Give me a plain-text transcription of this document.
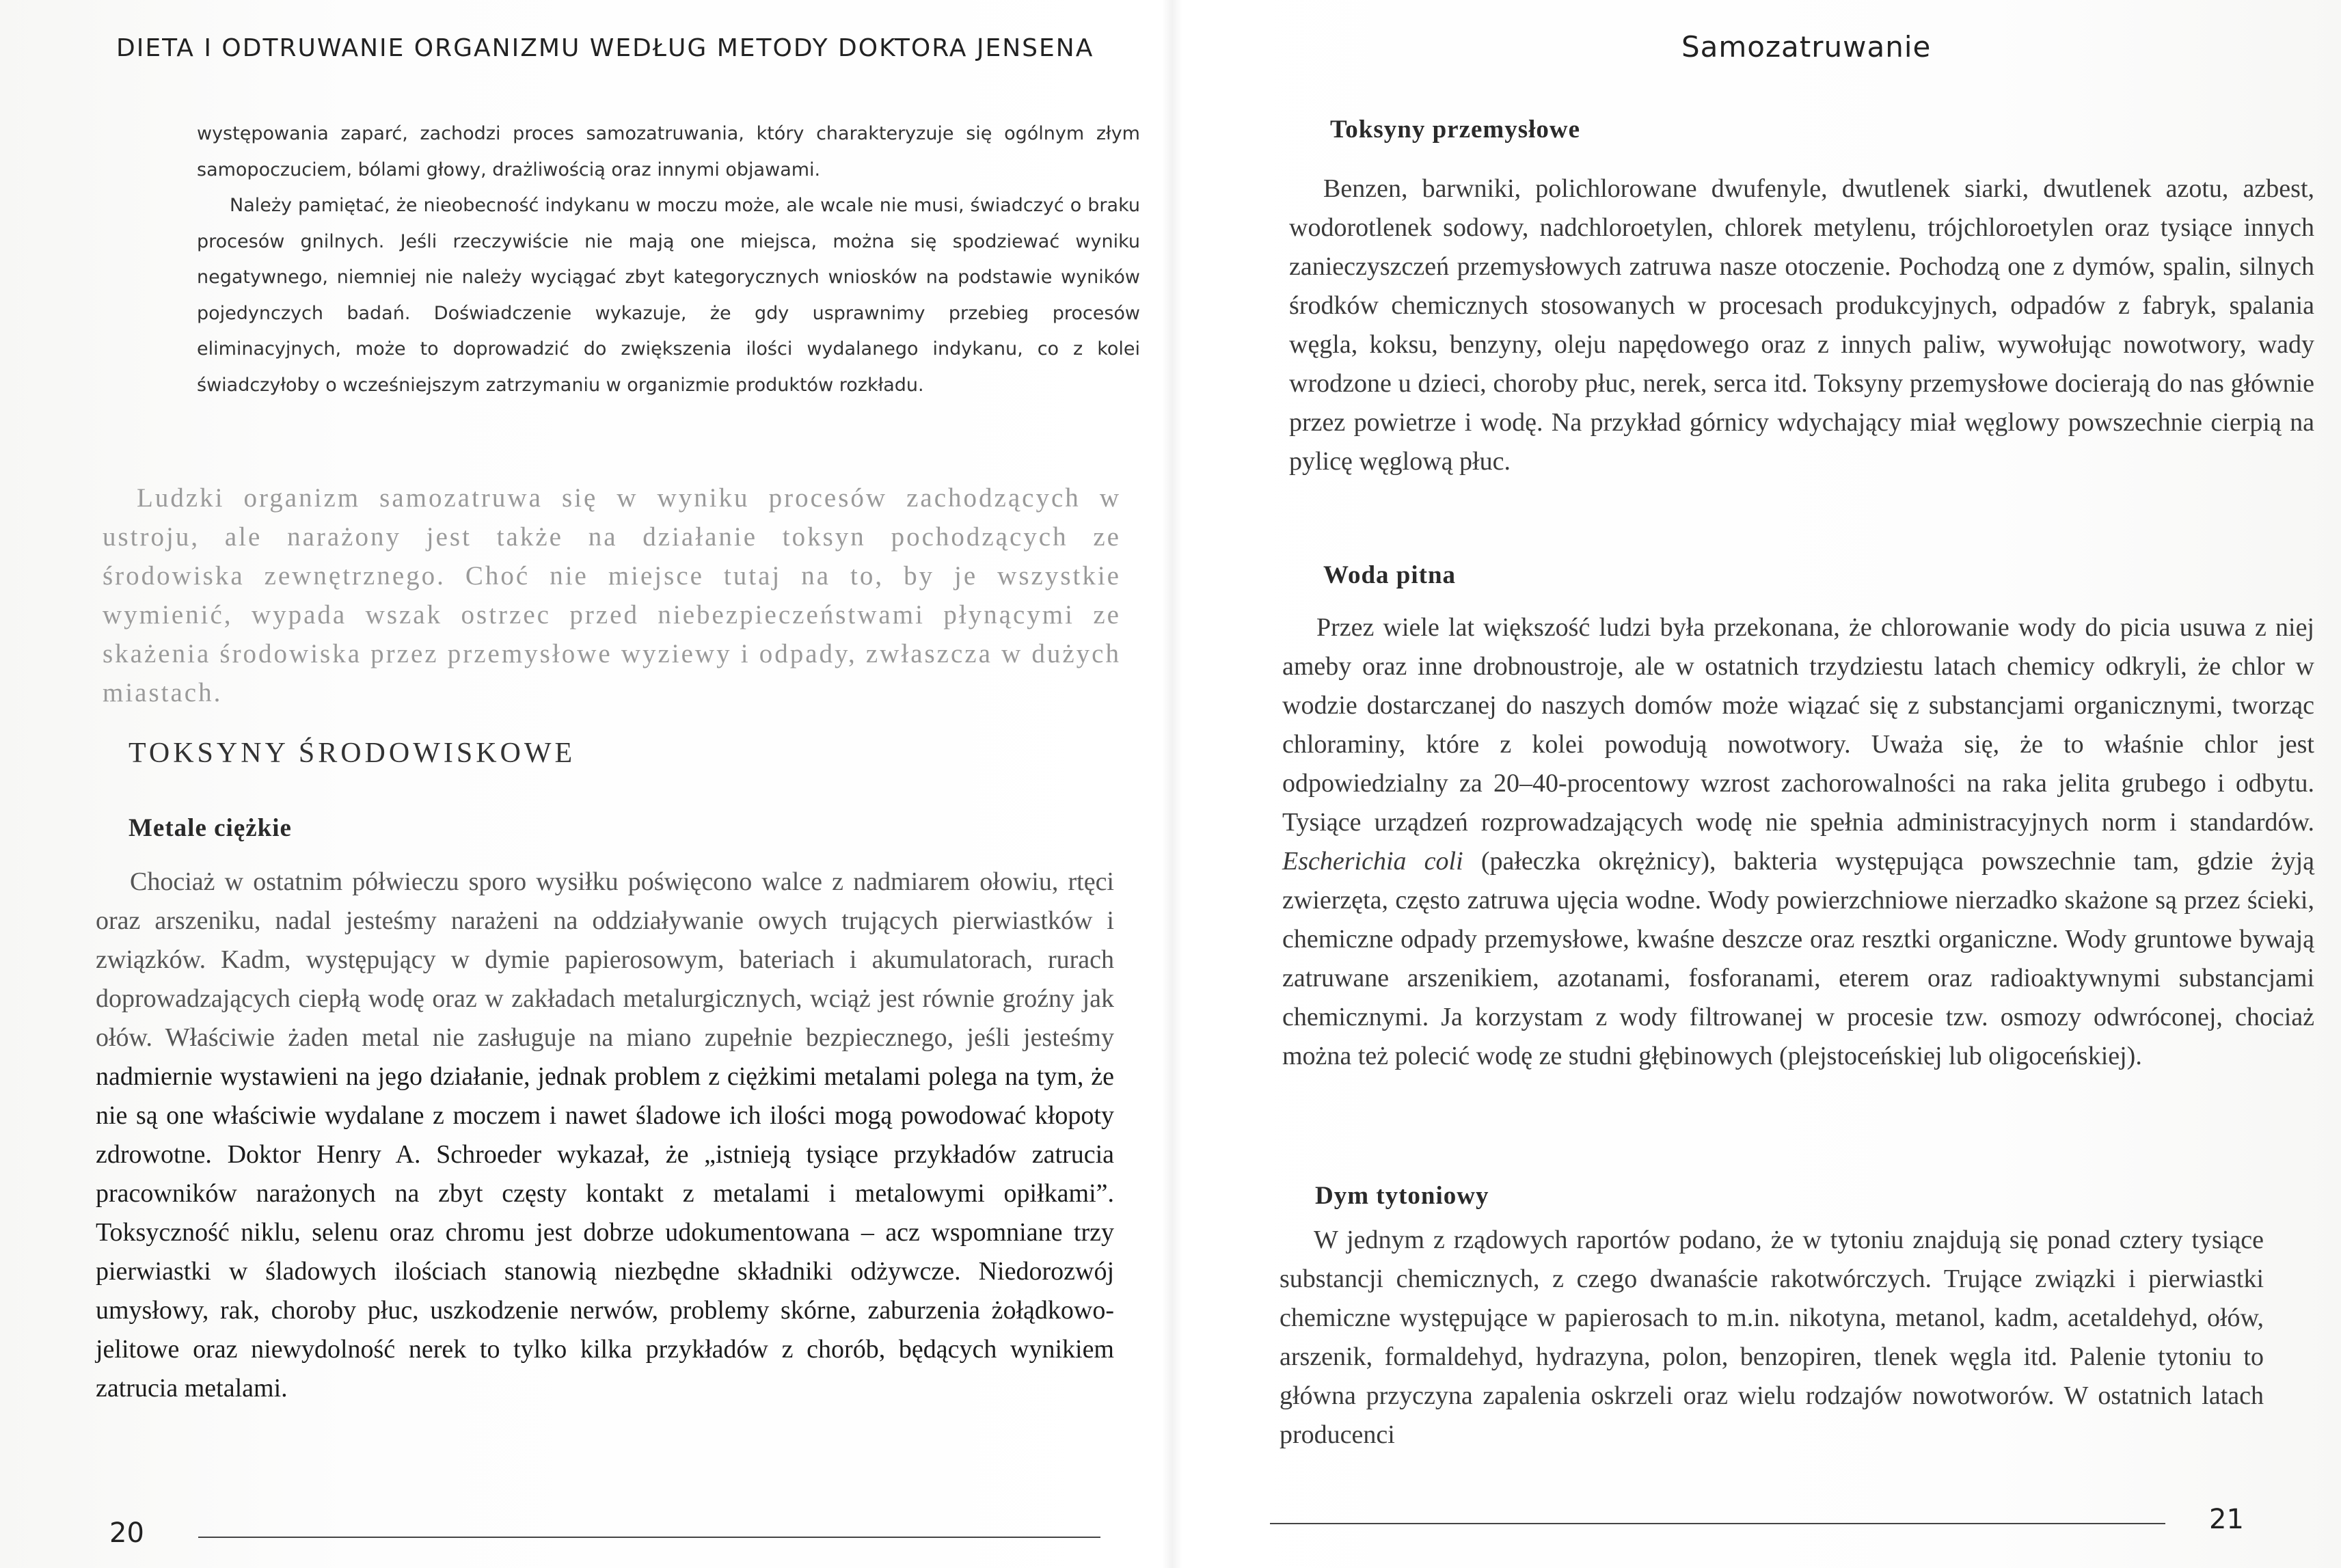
DIETA I ODTRUWANIE ORGANIZMU WEDŁUG METODY DOKTORA JENSENA

występowania zaparć, zachodzi proces samozatruwania, który charakteryzuje się ogólnym złym samopoczuciem, bólami głowy, drażliwością oraz innymi objawami.

Należy pamiętać, że nieobecność indykanu w moczu może, ale wcale nie musi, świadczyć o braku procesów gnilnych. Jeśli rzeczywiście nie mają one miejsca, można się spodziewać wyniku negatywnego, niemniej nie należy wyciągać zbyt kategorycznych wniosków na podstawie wyników pojedynczych badań. Doświadczenie wykazuje, że gdy usprawnimy przebieg procesów eliminacyjnych, może to doprowadzić do zwiększenia ilości wydalanego indykanu, co z kolei świadczyłoby o wcześniejszym zatrzymaniu w organizmie produktów rozkładu.

Ludzki organizm samozatruwa się w wyniku procesów zachodzących w ustroju, ale narażony jest także na działanie toksyn pochodzących ze środowiska zewnętrznego. Choć nie miejsce tutaj na to, by je wszystkie wymienić, wypada wszak ostrzec przed niebezpieczeństwami płynącymi ze skażenia środowiska przez przemysłowe wyziewy i odpady, zwłaszcza w dużych miastach.
TOKSYNY ŚRODOWISKOWE
Metale ciężkie
Chociaż w ostatnim półwieczu sporo wysiłku poświęcono walce z nadmiarem ołowiu, rtęci oraz arszeniku, nadal jesteśmy narażeni na oddziaływanie owych trujących pierwiastków i związków. Kadm, występujący w dymie papierosowym, bateriach i akumulatorach, rurach doprowadzających ciepłą wodę oraz w zakładach metalurgicznych, wciąż jest równie groźny jak ołów. Właściwie żaden metal nie zasługuje na miano zupełnie bezpiecznego, jeśli jesteśmy nadmiernie wystawieni na jego działanie, jednak problem z ciężkimi metalami polega na tym, że nie są one właściwie wydalane z moczem i nawet śladowe ich ilości mogą powodować kłopoty zdrowotne. Doktor Henry A. Schroeder wykazał, że „istnieją tysiące przykładów zatrucia pracowników narażonych na zbyt częsty kontakt z metalami i metalowymi opiłkami”. Toksyczność niklu, selenu oraz chromu jest dobrze udokumentowana – acz wspomniane trzy pierwiastki w śladowych ilościach stanowią niezbędne składniki odżywcze. Niedorozwój umysłowy, rak, choroby płuc, uszkodzenie nerwów, problemy skórne, zaburzenia żołądkowo-jelitowe oraz niewydolność nerek to tylko kilka przykładów z chorób, będących wynikiem zatrucia metalami.
20
Samozatruwanie
Toksyny przemysłowe
Benzen, barwniki, polichlorowane dwufenyle, dwutlenek siarki, dwutlenek azotu, azbest, wodorotlenek sodowy, nadchloroetylen, chlorek metylenu, trójchloroetylen oraz tysiące innych zanieczyszczeń przemysłowych zatruwa nasze otoczenie. Pochodzą one z dymów, spalin, silnych środków chemicznych stosowanych w procesach produkcyjnych, odpadów z fabryk, spalania węgla, koksu, benzyny, oleju napędowego oraz z innych paliw, wywołując nowotwory, wady wrodzone u dzieci, choroby płuc, nerek, serca itd. Toksyny przemysłowe docierają do nas głównie przez powietrze i wodę. Na przykład górnicy wdychający miał węglowy powszechnie cierpią na pylicę węglową płuc.
Woda pitna
Przez wiele lat większość ludzi była przekonana, że chlorowanie wody do picia usuwa z niej ameby oraz inne drobnoustroje, ale w ostatnich trzydziestu latach chemicy odkryli, że chlor w wodzie dostarczanej do naszych domów może wiązać się z substancjami organicznymi, tworząc chloraminy, które z kolei powodują nowotwory. Uważa się, że to właśnie chlor jest odpowiedzialny za 20–40-procentowy wzrost zachorowalności na raka jelita grubego i odbytu. Tysiące urządzeń rozprowadzających wodę nie spełnia administracyjnych norm i standardów. Escherichia coli (pałeczka okrężnicy), bakteria występująca powszechnie tam, gdzie żyją zwierzęta, często zatruwa ujęcia wodne. Wody powierzchniowe nierzadko skażone są przez ścieki, chemiczne odpady przemysłowe, kwaśne deszcze oraz resztki organiczne. Wody gruntowe bywają zatruwane arszenikiem, azotanami, fosforanami, eterem oraz radioaktywnymi substancjami chemicznymi. Ja korzystam z wody filtrowanej w procesie tzw. osmozy odwróconej, chociaż można też polecić wodę ze studni głębinowych (plejstoceńskiej lub oligoceńskiej).
Dym tytoniowy
W jednym z rządowych raportów podano, że w tytoniu znajdują się ponad cztery tysiące substancji chemicznych, z czego dwanaście rakotwórczych. Trujące związki i pierwiastki chemiczne występujące w papierosach to m.in. nikotyna, metanol, kadm, acetaldehyd, ołów, arszenik, formaldehyd, hydrazyna, polon, benzopiren, tlenek węgla itd. Palenie tytoniu to główna przyczyna zapalenia oskrzeli oraz wielu rodzajów nowotworów. W ostatnich latach producenci
21
